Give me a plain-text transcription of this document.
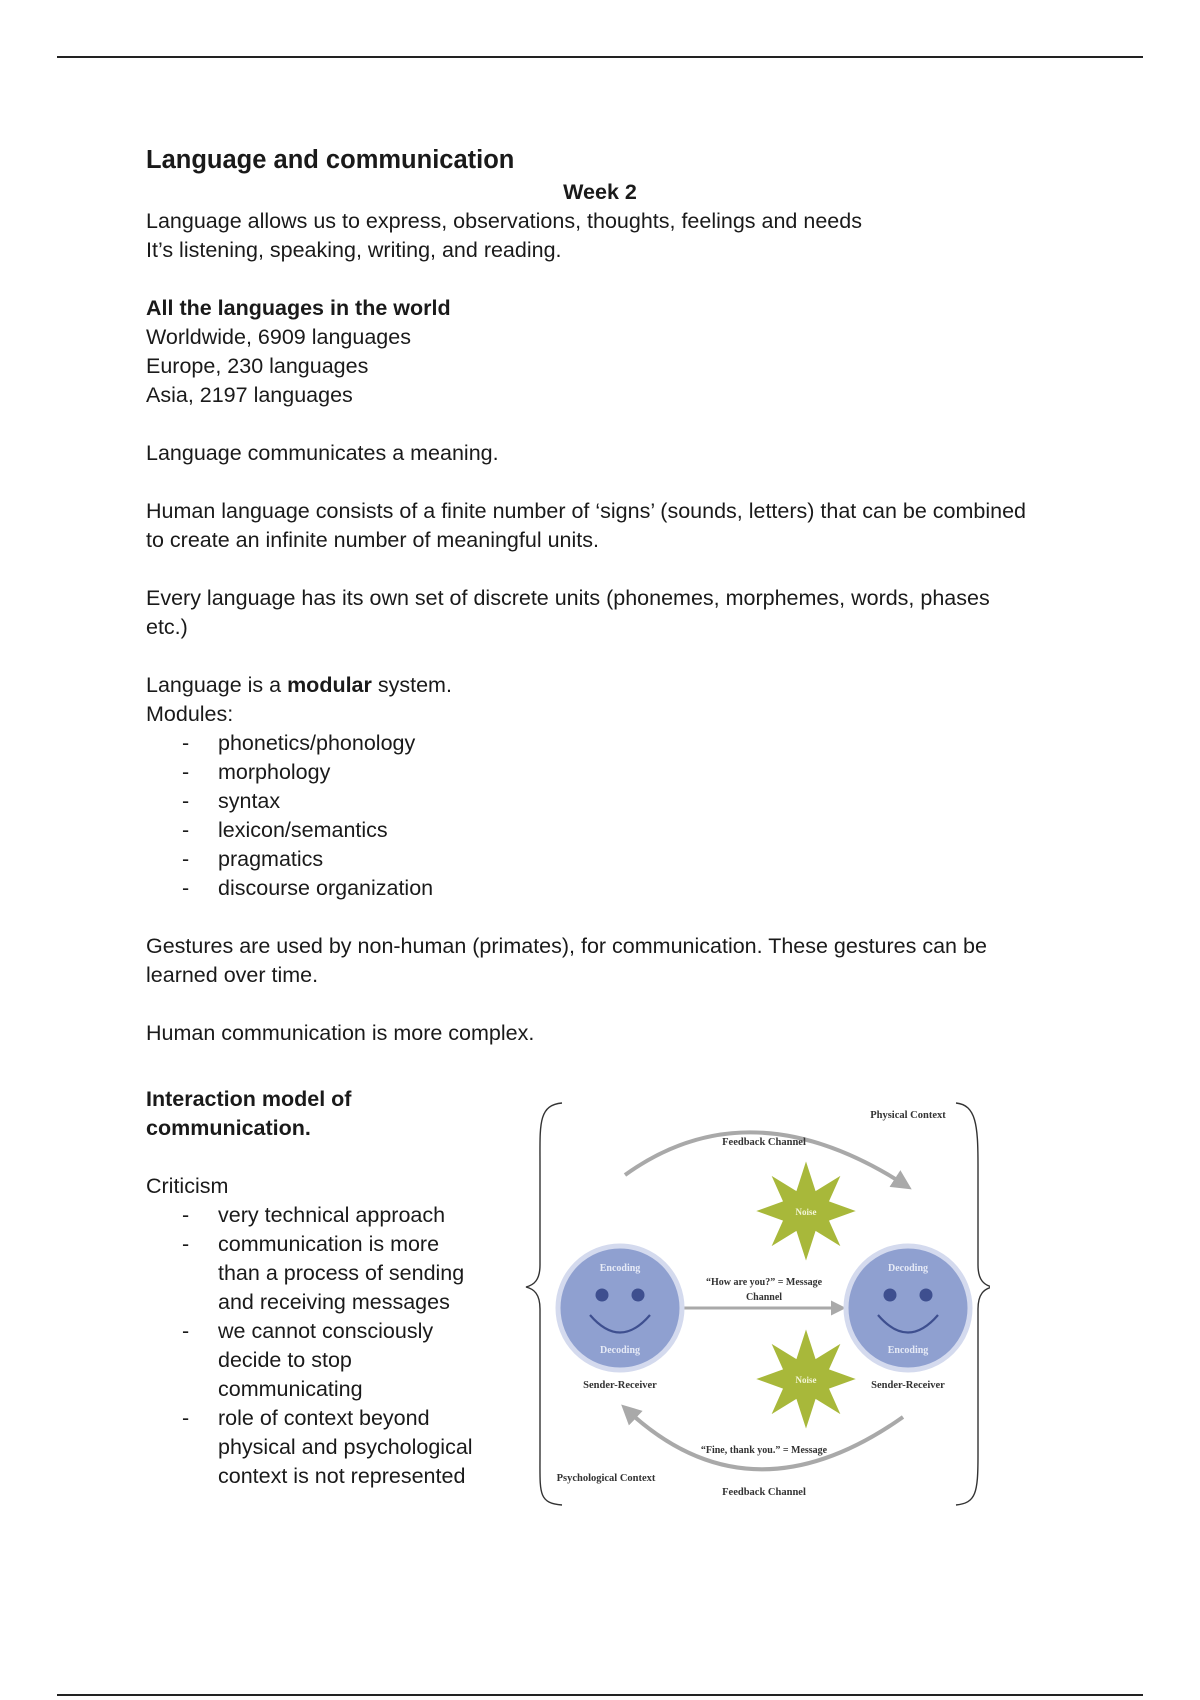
Language and communication

Week 2

Language allows us to express, observations, thoughts, feelings and needs

It’s listening, speaking, writing, and reading.

All the languages in the world

Worldwide, 6909 languages

Europe, 230 languages

Asia, 2197 languages

Language communicates a meaning.

Human language consists of a finite number of ‘signs’ (sounds, letters) that can be combined

to create an infinite number of meaningful units.

Every language has its own set of discrete units (phonemes, morphemes, words, phases

etc.)

Language is a modular system.

Modules:

- phonetics/phonology
- morphology
- syntax
- lexicon/semantics
- pragmatics
- discourse organization

Gestures are used by non-human (primates), for communication. These gestures can be

learned over time.

Human communication is more complex.

Interaction model of

communication.

Criticism

- very technical approach
- communication is more
than a process of sending
and receiving messages
- we cannot consciously
decide to stop
communicating
- role of context beyond
physical and psychological
context is not represented
Physical Context
Psychological Context
Feedback Channel
Feedback Channel
“How are you?” = Message
Channel
“Fine, thank you.” = Message
Noise
Noise
Encoding
Decoding
Sender-Receiver
Decoding
Encoding
Sender-Receiver
